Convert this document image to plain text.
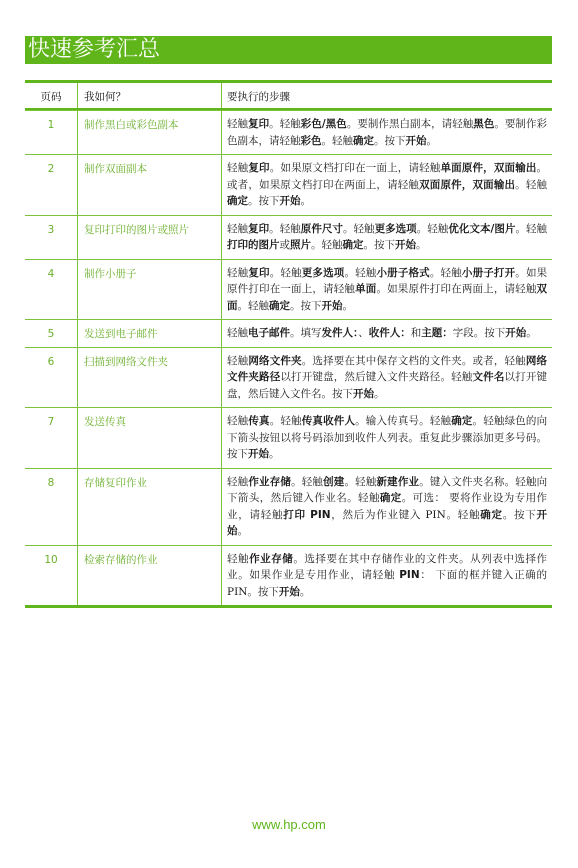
快速参考汇总
页码	我如何？	要执行的步骤
1	制作黑白或彩色副本	轻触复印。轻触彩色/黑色。要制作黑白副本，请轻触黑色。要制作彩色副本，请轻触彩色。轻触确定。按下开始。
2	制作双面副本	轻触复印。如果原文档打印在一面上，请轻触单面原件，双面输出。或者，如果原文档打印在两面上，请轻触双面原件，双面输出。轻触确定。按下开始。
3	复印打印的图片或照片	轻触复印。轻触原件尺寸。轻触更多选项。轻触优化文本/图片。轻触打印的图片或照片。轻触确定。按下开始。
4	制作小册子	轻触复印。轻触更多选项。轻触小册子格式。轻触小册子打开。如果原件打印在一面上，请轻触单面。如果原件打印在两面上，请轻触双面。轻触确定。按下开始。
5	发送到电子邮件	轻触电子邮件。填写发件人：、收件人：和主题：字段。按下开始。
6	扫描到网络文件夹	轻触网络文件夹。选择要在其中保存文档的文件夹。或者，轻触网络文件夹路径以打开键盘，然后键入文件夹路径。轻触文件名以打开键盘，然后键入文件名。按下开始。
7	发送传真	轻触传真。轻触传真收件人。输入传真号。轻触确定。轻触绿色的向下箭头按钮以将号码添加到收件人列表。重复此步骤添加更多号码。按下开始。
8	存储复印作业	轻触作业存储。轻触创建。轻触新建作业。键入文件夹名称。轻触向下箭头，然后键入作业名。轻触确定。可选： 要将作业设为专用作业，请轻触打印 PIN，然后为作业键入 PIN。轻触确定。按下开始。
10	检索存储的作业	轻触作业存储。选择要在其中存储作业的文件夹。从列表中选择作业。如果作业是专用作业，请轻触 PIN： 下面的框并键入正确的 PIN。按下开始。
www.hp.com
